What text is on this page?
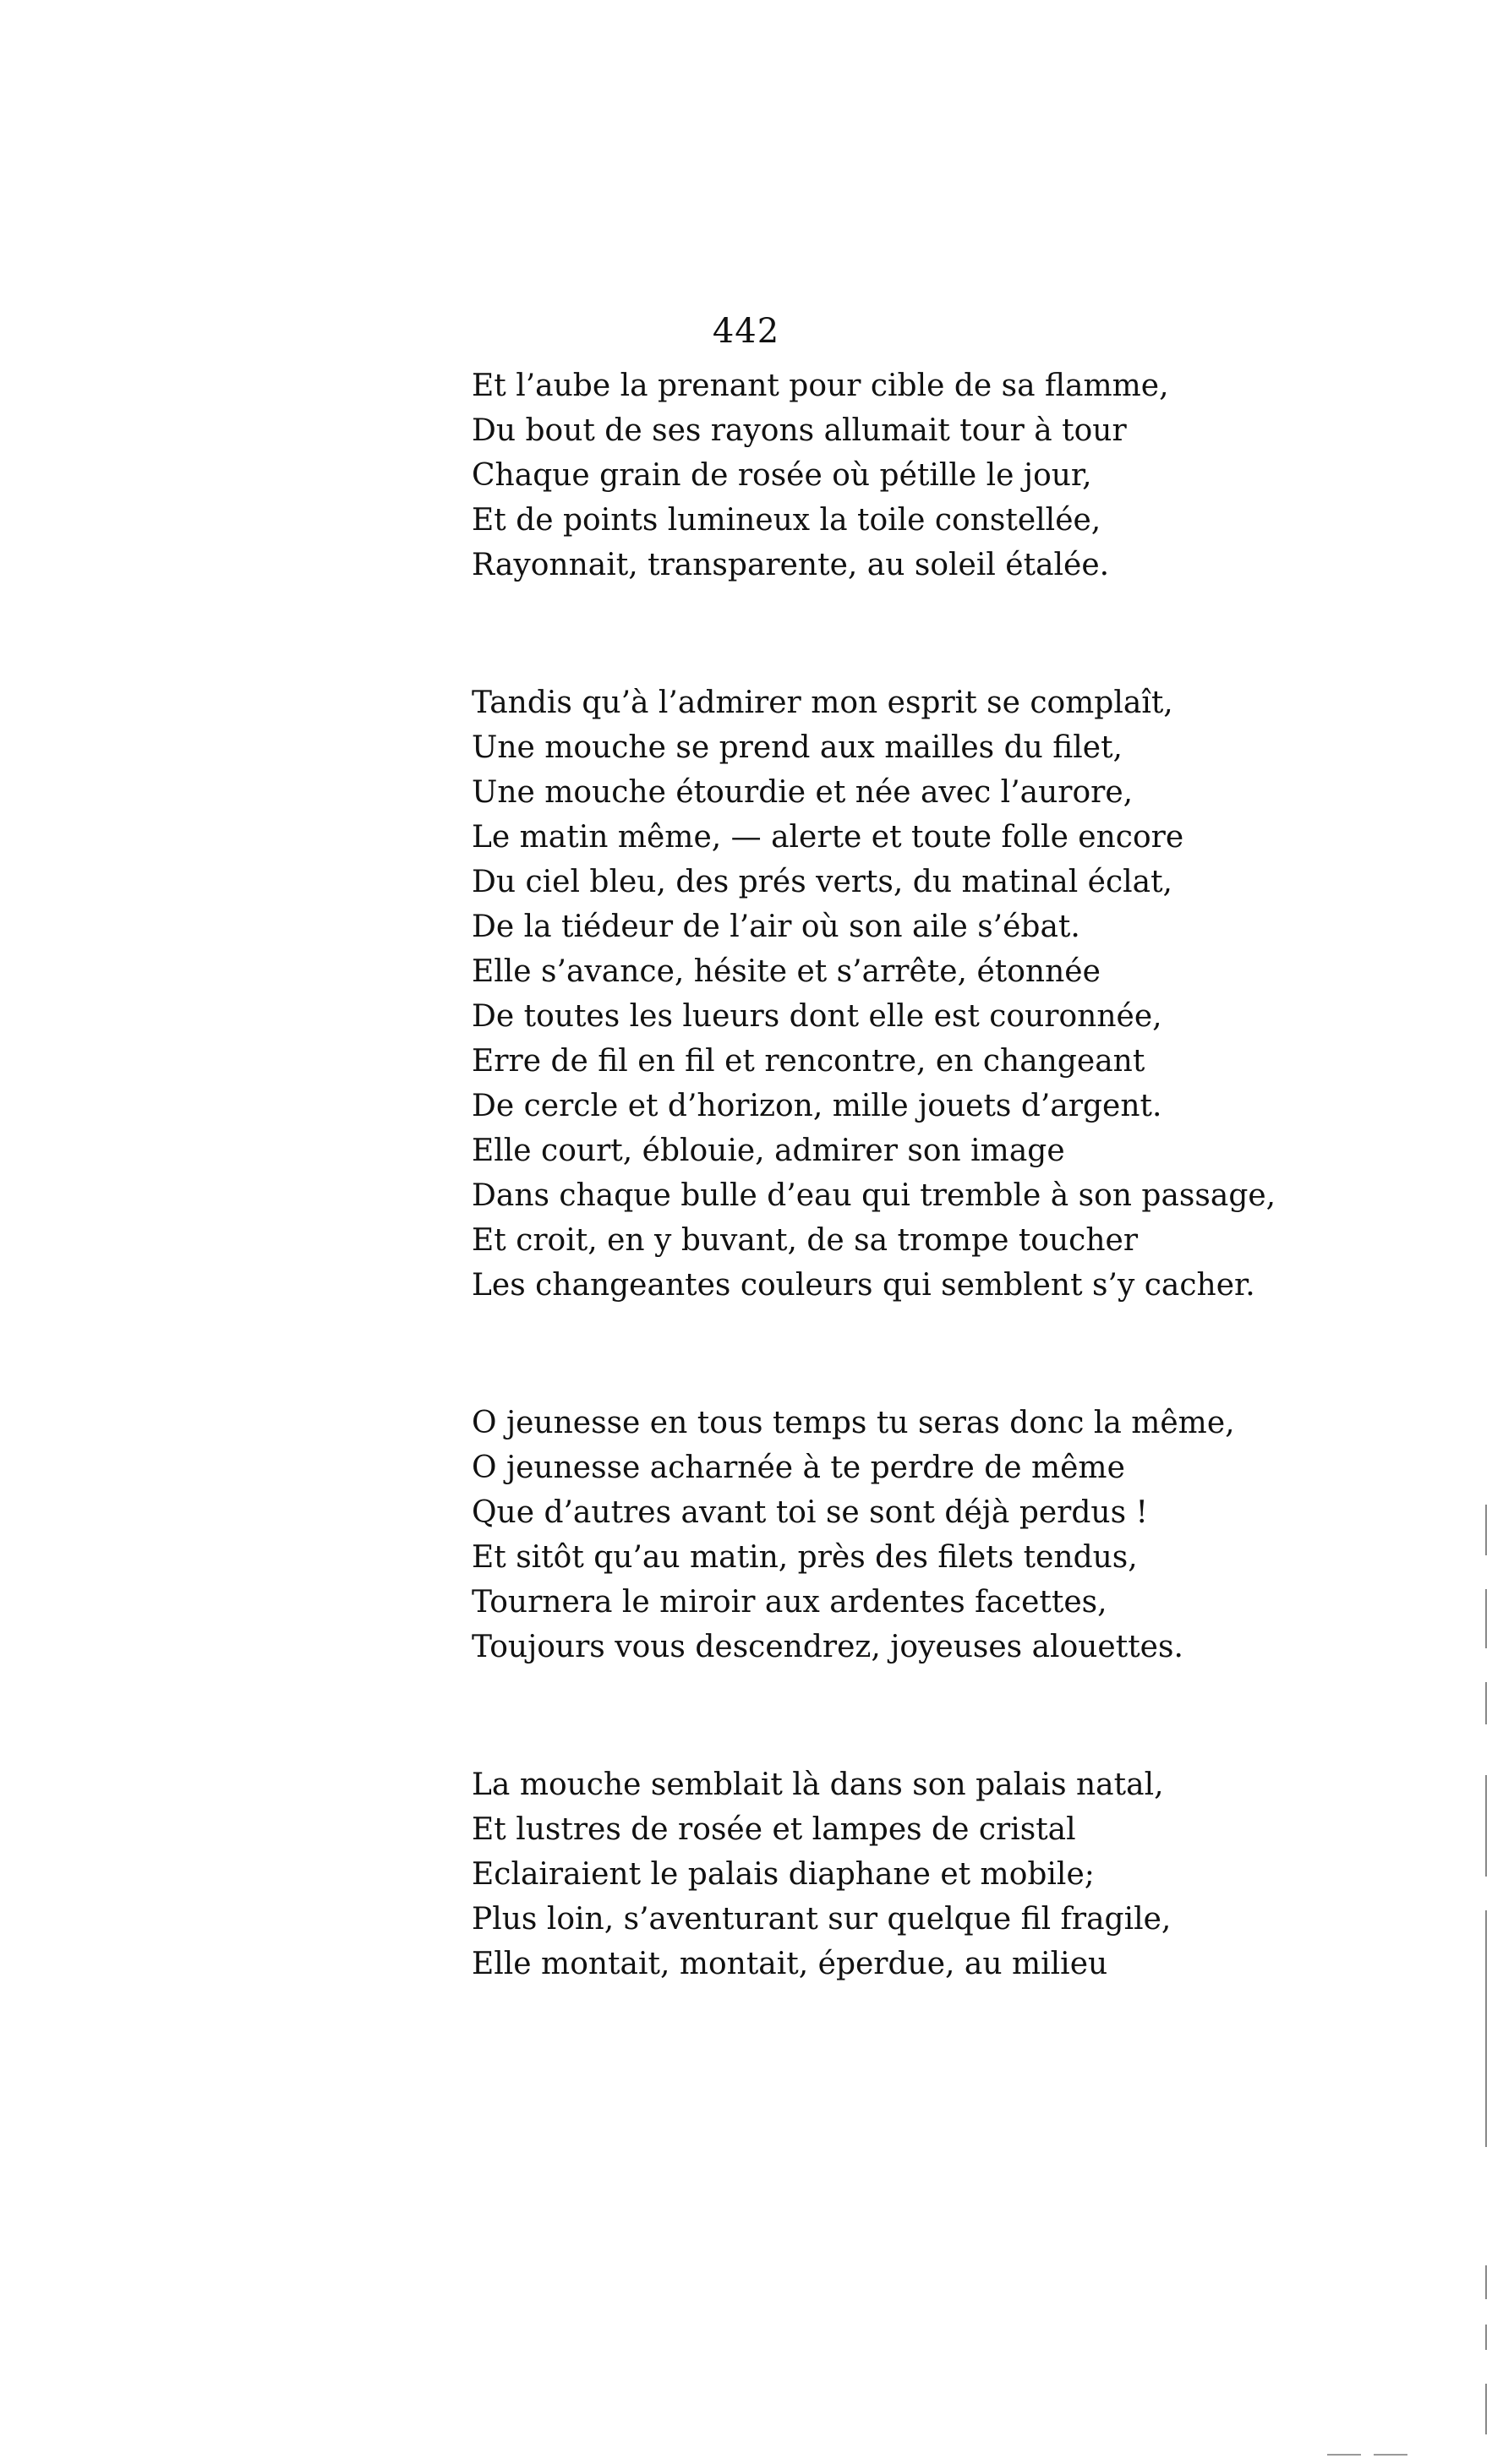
442
Et l’aube la prenant pour cible de sa flamme,
Du bout de ses rayons allumait tour à tour
Chaque grain de rosée où pétille le jour,
Et de points lumineux la toile constellée,
Rayonnait, transparente, au soleil étalée.
Tandis qu’à l’admirer mon esprit se complaît,
Une mouche se prend aux mailles du filet,
Une mouche étourdie et née avec l’aurore,
Le matin même, — alerte et toute folle encore
Du ciel bleu, des prés verts, du matinal éclat,
De la tiédeur de l’air où son aile s’ébat.
Elle s’avance, hésite et s’arrête, étonnée
De toutes les lueurs dont elle est couronnée,
Erre de fil en fil et rencontre, en changeant
De cercle et d’horizon, mille jouets d’argent.
Elle court, éblouie, admirer son image
Dans chaque bulle d’eau qui tremble à son passage,
Et croit, en y buvant, de sa trompe toucher
Les changeantes couleurs qui semblent s’y cacher.
O jeunesse en tous temps tu seras donc la même,
O jeunesse acharnée à te perdre de même
Que d’autres avant toi se sont déjà perdus !
Et sitôt qu’au matin, près des filets tendus,
Tournera le miroir aux ardentes facettes,
Toujours vous descendrez, joyeuses alouettes.
La mouche semblait là dans son palais natal,
Et lustres de rosée et lampes de cristal
Eclairaient le palais diaphane et mobile;
Plus loin, s’aventurant sur quelque fil fragile,
Elle montait, montait, éperdue, au milieu
